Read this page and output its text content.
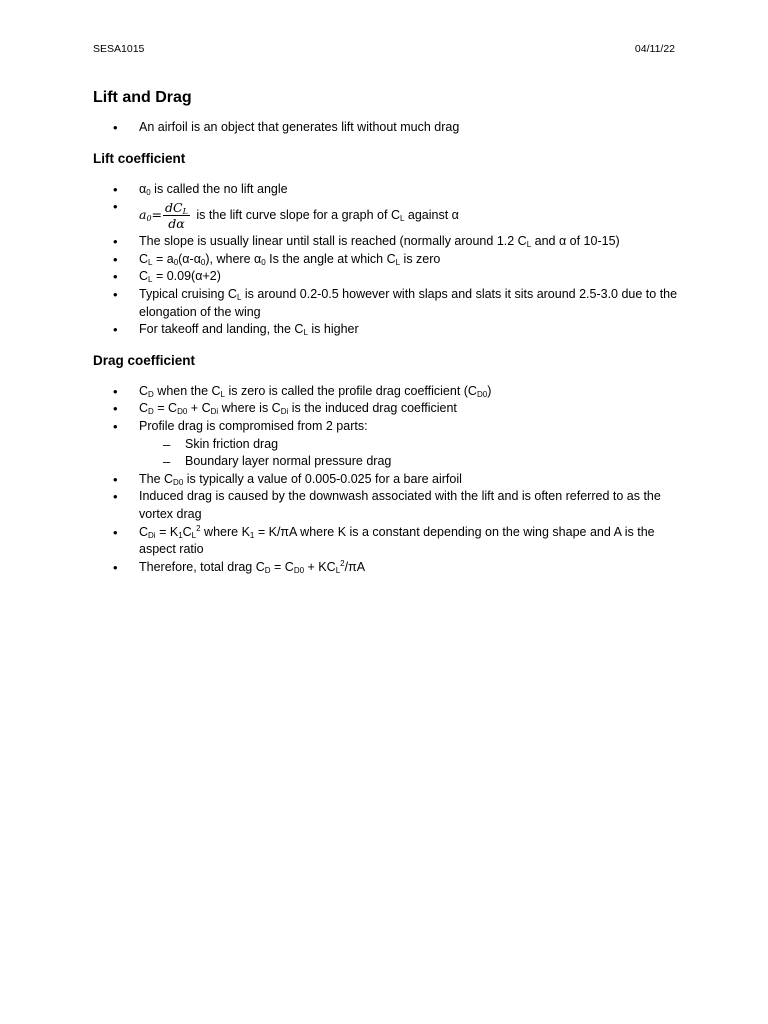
SESA1015	04/11/22
Lift and Drag
• An airfoil is an object that generates lift without much drag
Lift coefficient
• $\alpha_0$ is called the no lift angle
• $a_0= \frac{dC_L}{d\alpha}$ is the lift curve slope for a graph of $C_L$ against α
• The slope is usually linear until stall is reached (normally around 1.2 $C_L$ and α of 10-15)
• $C_L = a_0(\alpha-\alpha_0)$, where $\alpha_0$ Is the angle at which $C_L$ is zero
• $C_L = 0.09(\alpha+2)$
• Typical cruising $C_L$ is around 0.2-0.5 however with slaps and slats it sits around 2.5-3.0 due to the elongation of the wing
• For takeoff and landing, the $C_L$ is higher
Drag coefficient
• $C_D$ when the $C_L$ is zero is called the profile drag coefficient $(C_{D0})$
• $C_D = C_{D0} + C_{Di}$ where is $C_{Di}$ is the induced drag coefficient
• Profile drag is compromised from 2 parts:
– Skin friction drag
– Boundary layer normal pressure drag
• The $C_{D0}$ is typically a value of 0.005-0.025 for a bare airfoil
• Induced drag is caused by the downwash associated with the lift and is often referred to as the vortex drag
• $C_{Di} = K_1C_L^2$ where $K_1 = K/\pi A$ where K is a constant depending on the wing shape and A is the aspect ratio
• Therefore, total drag $C_D = C_{D0} + KC_L^2/\pi A$
